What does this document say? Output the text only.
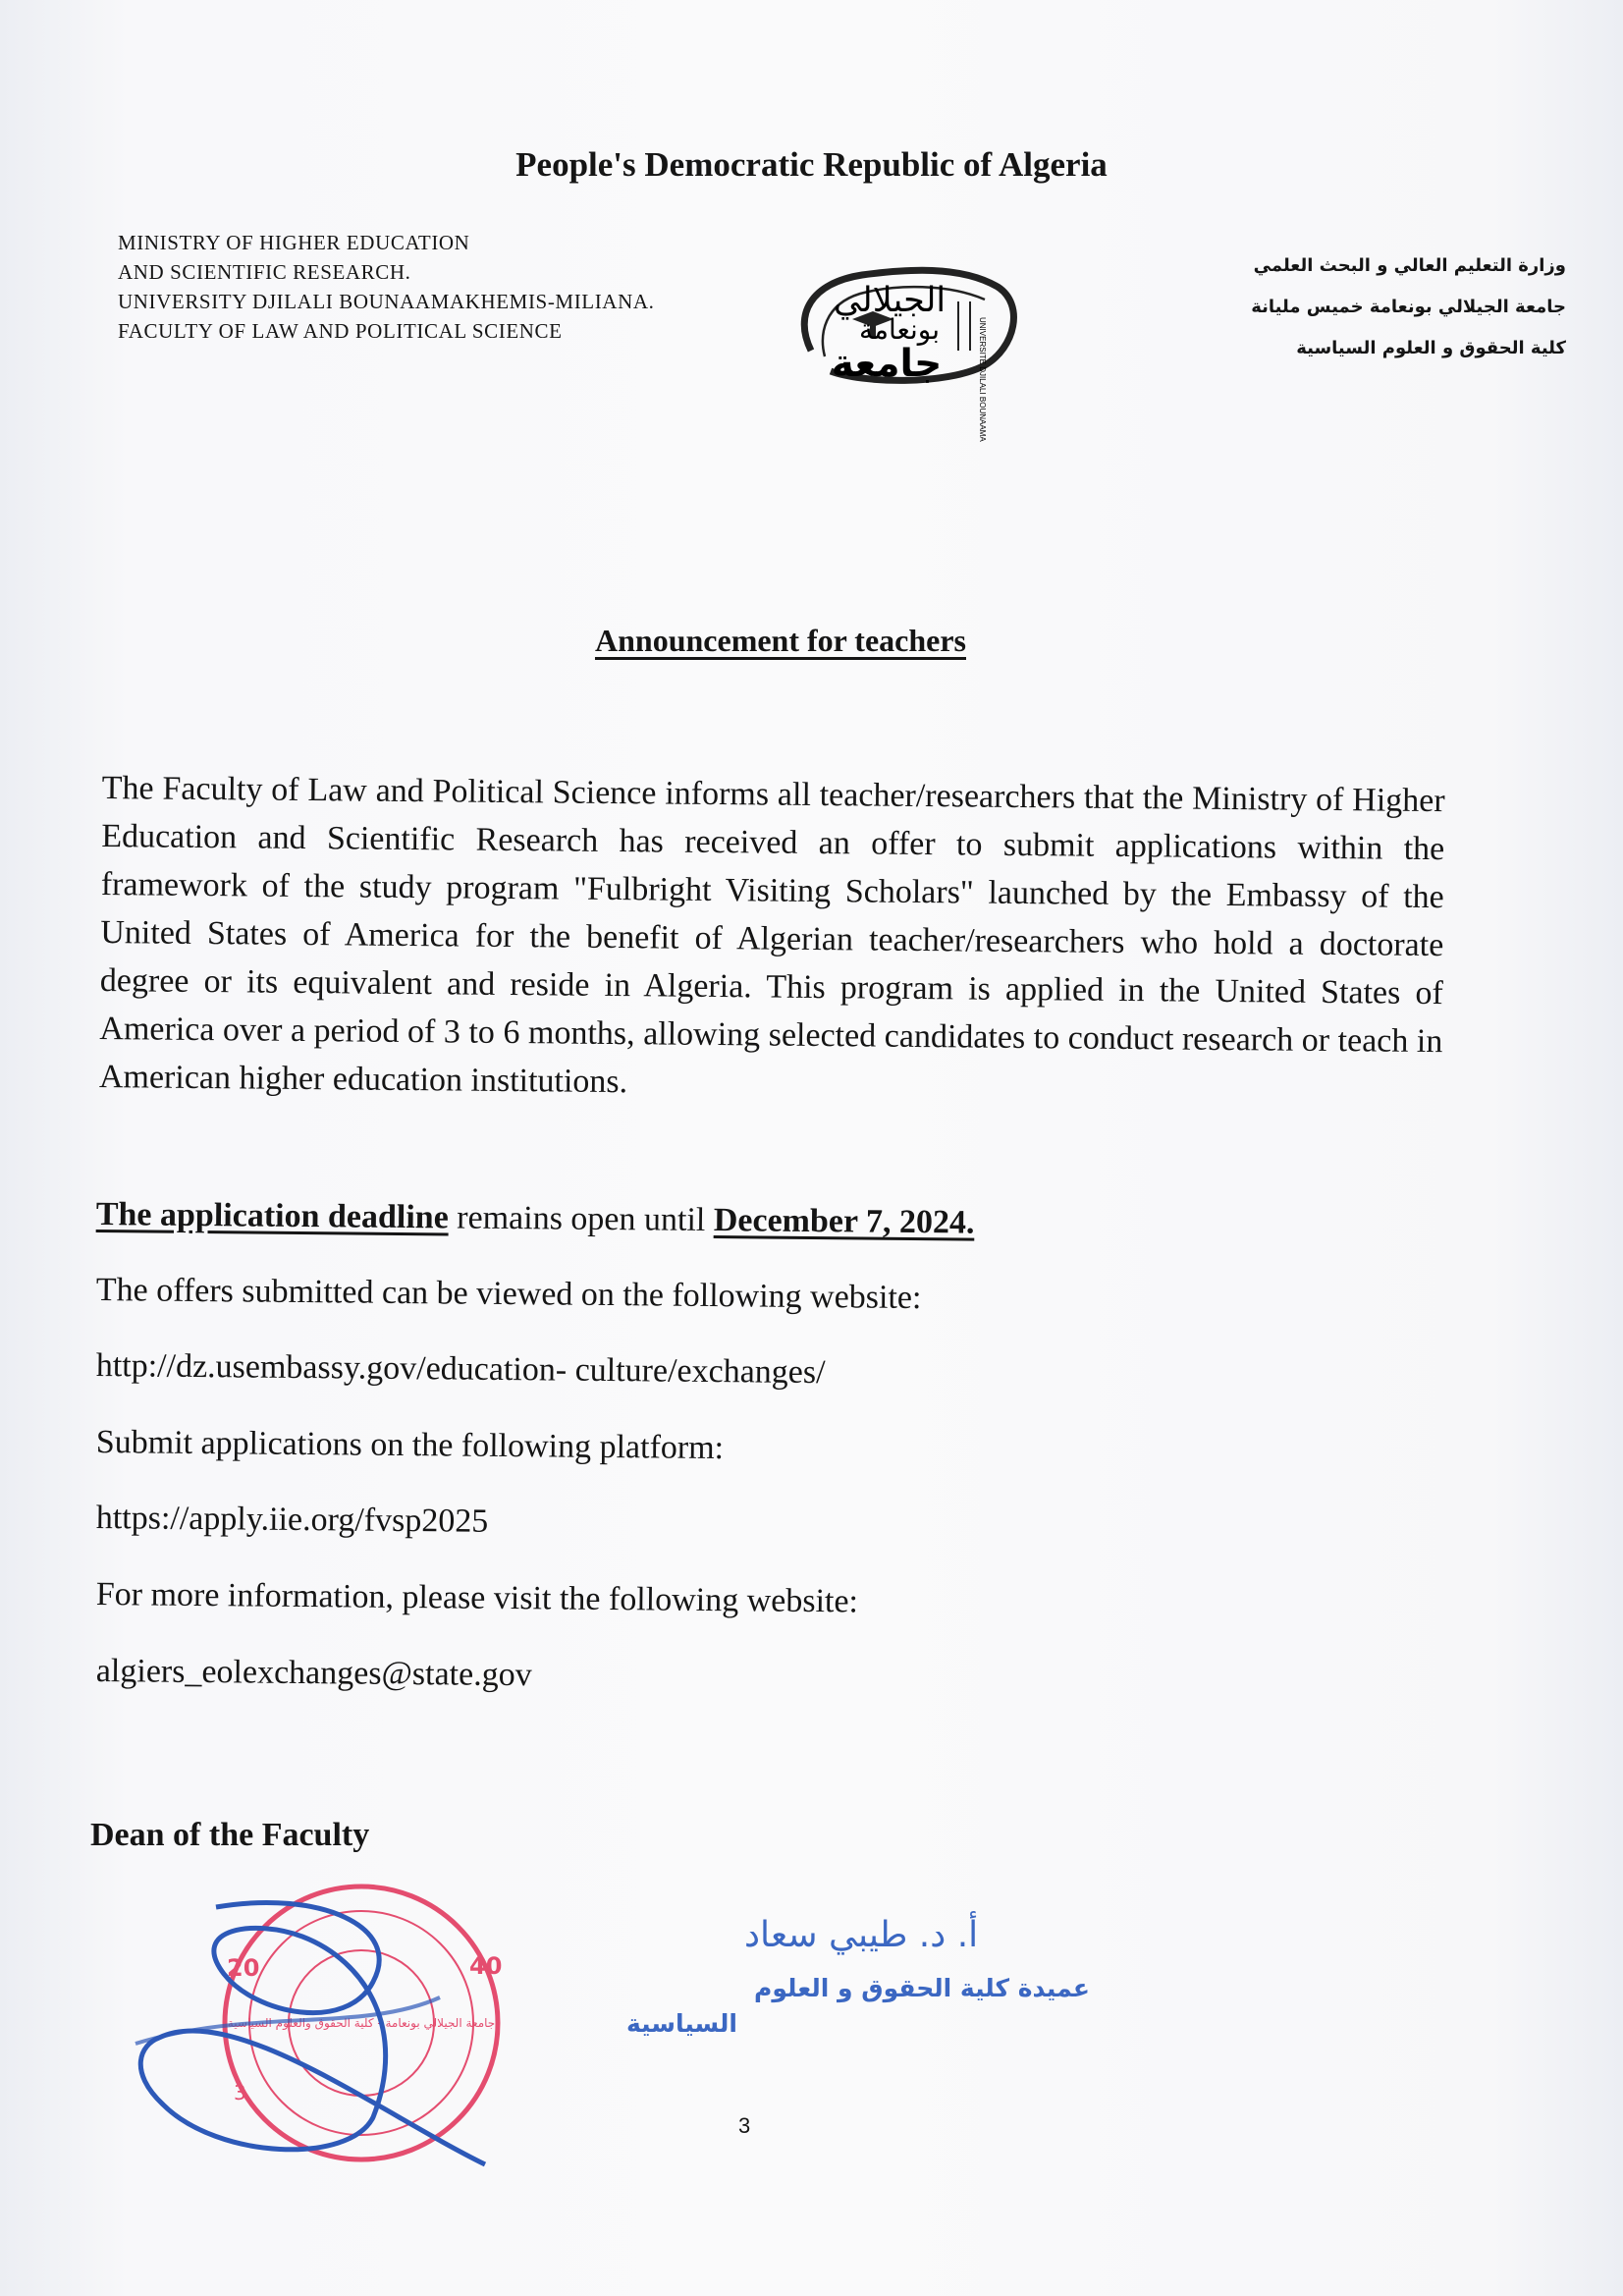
People's Democratic Republic of Algeria
MINISTRY OF HIGHER EDUCATION
AND SCIENTIFIC RESEARCH.
UNIVERSITY DJILALI BOUNAAMAKHEMIS-MILIANA.
FACULTY OF LAW AND POLITICAL SCIENCE
الجيلالي
بونعامة
جامعة	UNIVERSITE DJILALI BOUNAAMA
وزارة التعليم العالي و البحث العلمي
جامعة الجيلالي بونعامة خميس مليانة
كلية الحقوق و العلوم السياسية
Announcement for teachers
The Faculty of Law and Political Science informs all teacher/researchers that the Ministry of Higher Education and Scientific Research has received an offer to submit applications within the framework of the study program "Fulbright Visiting Scholars" launched by the Embassy of the United States of America for the benefit of Algerian teacher/researchers who hold a doctorate degree or its equivalent and reside in Algeria. This program is applied in the United States of America over a period of 3 to 6 months, allowing selected candidates to conduct research or teach in American higher education institutions.
The application deadline remains open until December 7, 2024.
The offers submitted can be viewed on the following website:
http://dz.usembassy.gov/education- culture/exchanges/
Submit applications on the following platform:
https://apply.iie.org/fvsp2025
For more information, please visit the following website:
algiers_eolexchanges@state.gov
Dean of the Faculty
20	40
3
جامعة الجيلالي بونعامة - كلية الحقوق والعلوم السياسية
أ. د. طيبي سعاد
عميدة كلية الحقوق و العلوم
السياسية
3
